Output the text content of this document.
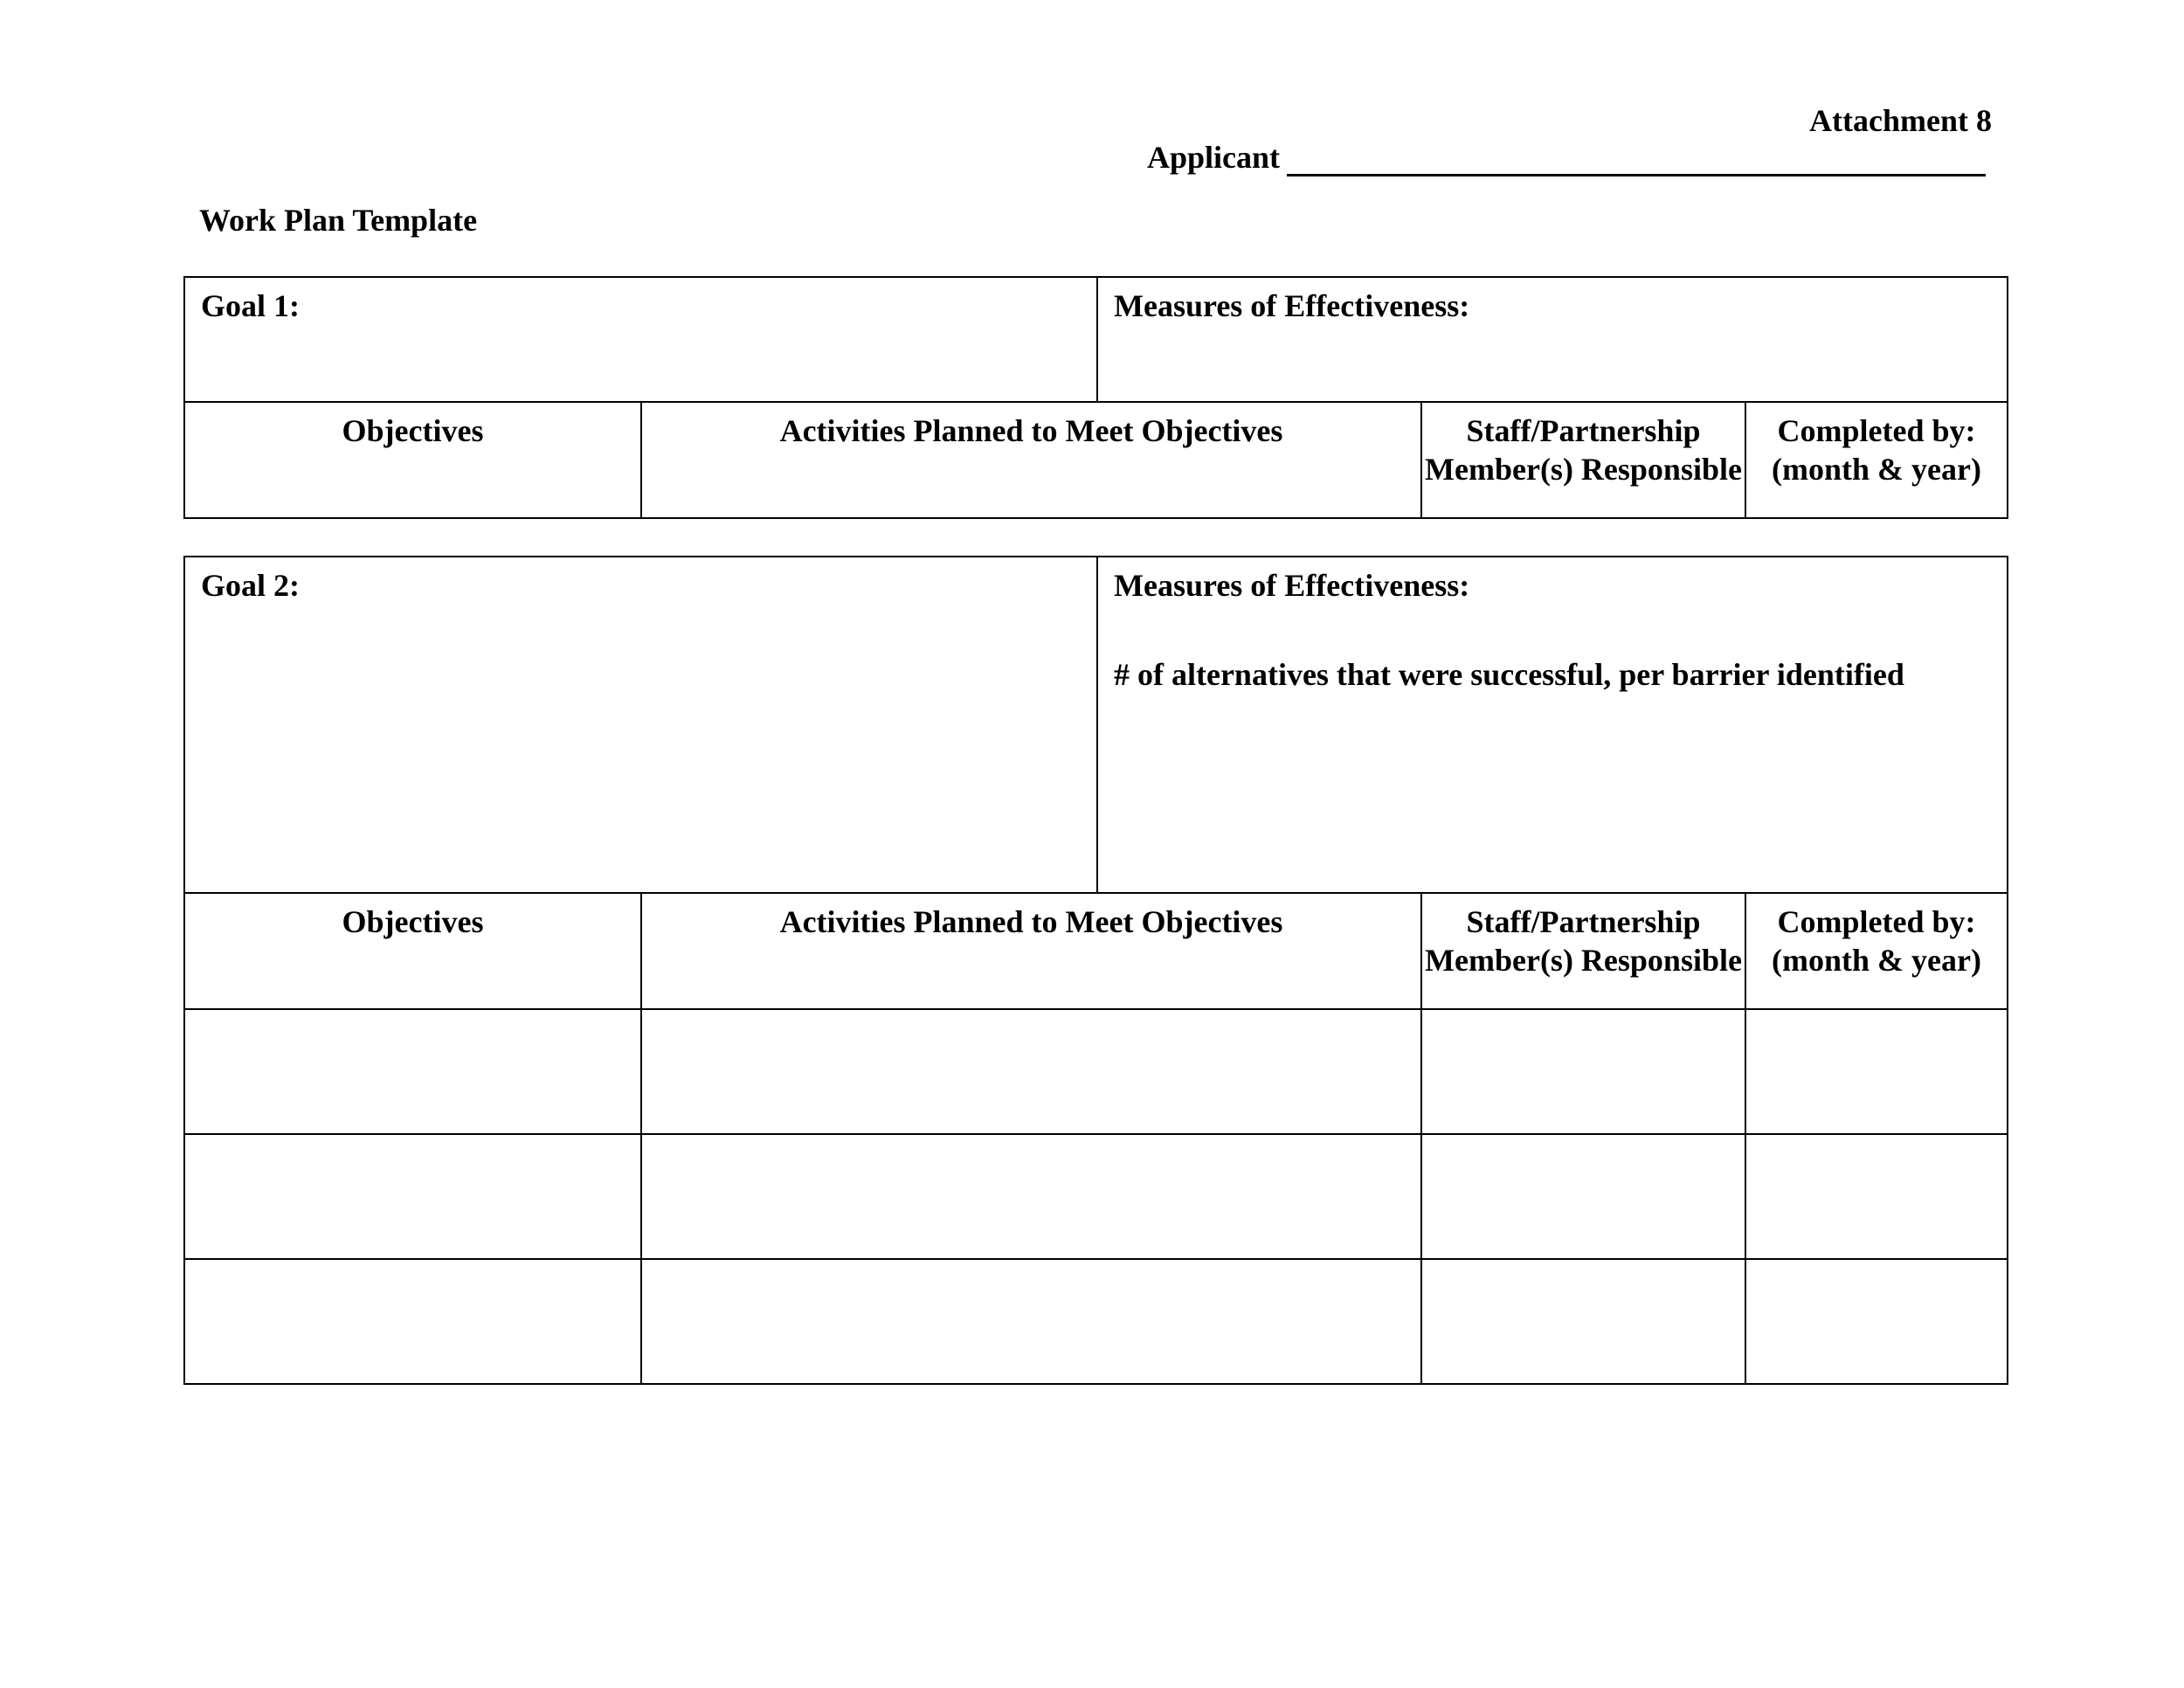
Attachment 8
Applicant
Work Plan Template
Goal 1:		Measures of Effectiveness:		

Objectives	Activities Planned to Meet Objectives		Staff/Partnership Member(s) Responsible	Completed by: (month & year)
Goal 2:		Measures of Effectiveness:
# of alternatives that were successful, per barrier identified		

Objectives	Activities Planned to Meet Objectives		Staff/Partnership Member(s) Responsible	Completed by: (month & year)
